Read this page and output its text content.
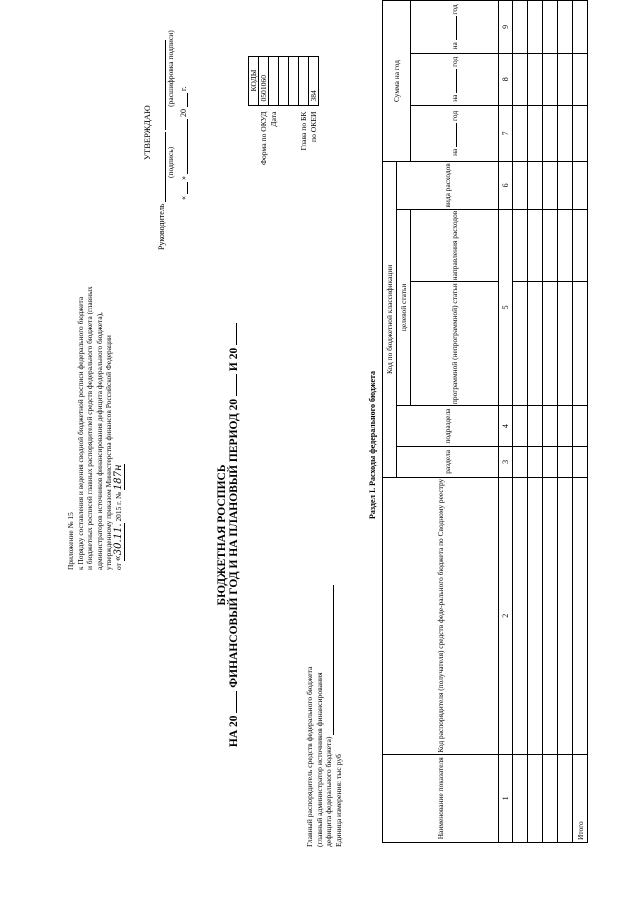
Приложение № 15 к Порядку составления и ведения сводной бюджетной росписи федерального бюджета и бюджетных росписей главных распорядителей средств федерального бюджета (главных администраторов источников финансирования дефицита федерального бюджета), утвержденному приказом Министерства финансов Российской Федерации от «30.11. 2015 г. № 187н
УТВЕРЖДАЮ
Руководитель
(подпись) (расшифровка подписи)
«   »   20   г.
		КОДЫ
Форма по ОКУД	0501060
Дата	

Глава по БК	
по ОКЕИ	384
БЮДЖЕТНАЯ РОСПИСЬ
НА 20  ФИНАНСОВЫЙ ГОД И НА ПЛАНОВЫЙ ПЕРИОД 20  И 20
Главный распорядитель средств федерального бюджета (главный администратор источников финансирования дефицита федерального бюджета) Единица измерения: тыс руб
Раздел I. Расходы федерального бюджета
Наименование показателя	Код распорядителя (получателя) средств феде-рального бюджета по Сводному реестру	Код по бюджетной классификации					Сумма на год		
		раздела	подраздела	целевой статьи		вида расходов			
				программной (непрограммной) статьи	направления расходов		на  год	на  год	на  год
1	2	3	4	5		6	7	8	9

Итого									
